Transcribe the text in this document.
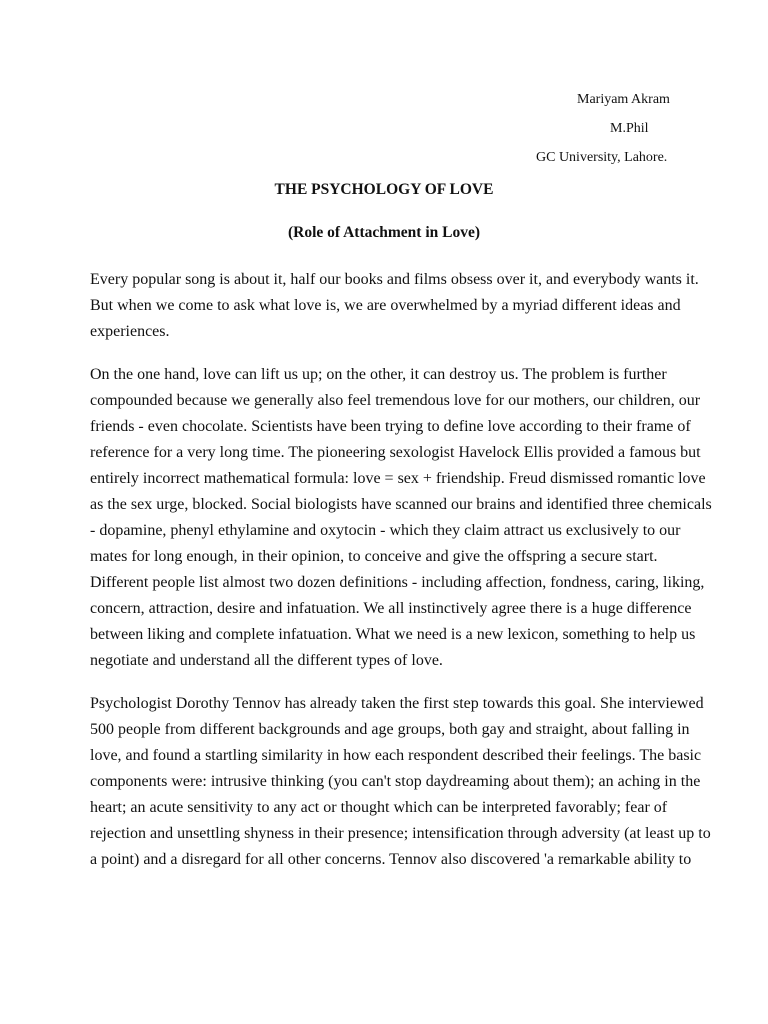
Mariyam Akram
M.Phil
GC University, Lahore.
THE PSYCHOLOGY OF LOVE
(Role of Attachment in Love)
Every popular song is about it, half our books and films obsess over it, and everybody wants it.
But when we come to ask what love is, we are overwhelmed by a myriad different ideas and
experiences.
On the one hand, love can lift us up; on the other, it can destroy us. The problem is further
compounded because we generally also feel tremendous love for our mothers, our children, our
friends - even chocolate. Scientists have been trying to define love according to their frame of
reference for a very long time. The pioneering sexologist Havelock Ellis provided a famous but
entirely incorrect mathematical formula: love = sex + friendship. Freud dismissed romantic love
as the sex urge, blocked. Social biologists have scanned our brains and identified three chemicals
- dopamine, phenyl ethylamine and oxytocin - which they claim attract us exclusively to our
mates for long enough, in their opinion, to conceive and give the offspring a secure start.
Different people list almost two dozen definitions - including affection, fondness, caring, liking,
concern, attraction, desire and infatuation. We all instinctively agree there is a huge difference
between liking and complete infatuation. What we need is a new lexicon, something to help us
negotiate and understand all the different types of love.
Psychologist Dorothy Tennov has already taken the first step towards this goal. She interviewed
500 people from different backgrounds and age groups, both gay and straight, about falling in
love, and found a startling similarity in how each respondent described their feelings. The basic
components were: intrusive thinking (you can't stop daydreaming about them); an aching in the
heart; an acute sensitivity to any act or thought which can be interpreted favorably; fear of
rejection and unsettling shyness in their presence; intensification through adversity (at least up to
a point) and a disregard for all other concerns. Tennov also discovered 'a remarkable ability to
